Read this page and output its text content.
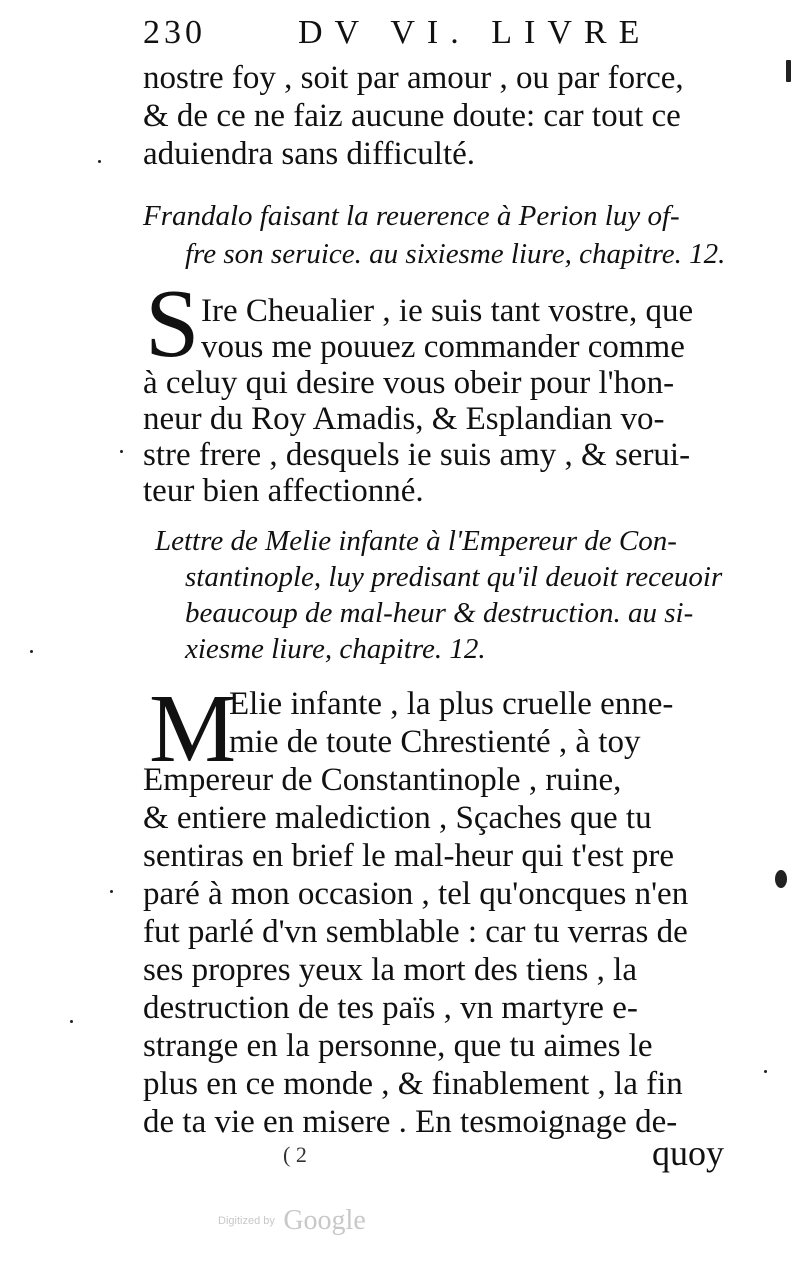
230	DV VI. LIVRE
nostre foy , soit par amour , ou par force,
& de ce ne faiz aucune doute: car tout ce
aduiendra sans difficulté.
Frandalo faisant la reuerence à Perion luy of-
fre son seruice. au sixiesme liure, chapitre. 12.
S Ire Cheualier , ie suis tant vostre, que
vous me pouuez commander comme
à celuy qui desire vous obeir pour l'hon-
neur du Roy Amadis, & Esplandian vo-
stre frere , desquels ie suis amy , & serui-
teur bien affectionné.
Lettre de Melie infante à l'Empereur de Con-
stantinople, luy predisant qu'il deuoit receuoir
beaucoup de mal-heur & destruction. au si-
xiesme liure, chapitre. 12.
M
Elie infante , la plus cruelle enne-
mie de toute Chrestienté , à toy
Empereur de Constantinople , ruine,
& entiere malediction , Sçaches que tu
sentiras en brief le mal-heur qui t'est pre
paré à mon occasion , tel qu'oncques n'en
fut parlé d'vn semblable : car tu verras de
ses propres yeux la mort des tiens , la
destruction de tes païs , vn martyre e-
strange en la personne, que tu aimes le
plus en ce monde , & finablement , la fin
de ta vie en misere . En tesmoignage de-
( 2	quoy
Digitized by Google
